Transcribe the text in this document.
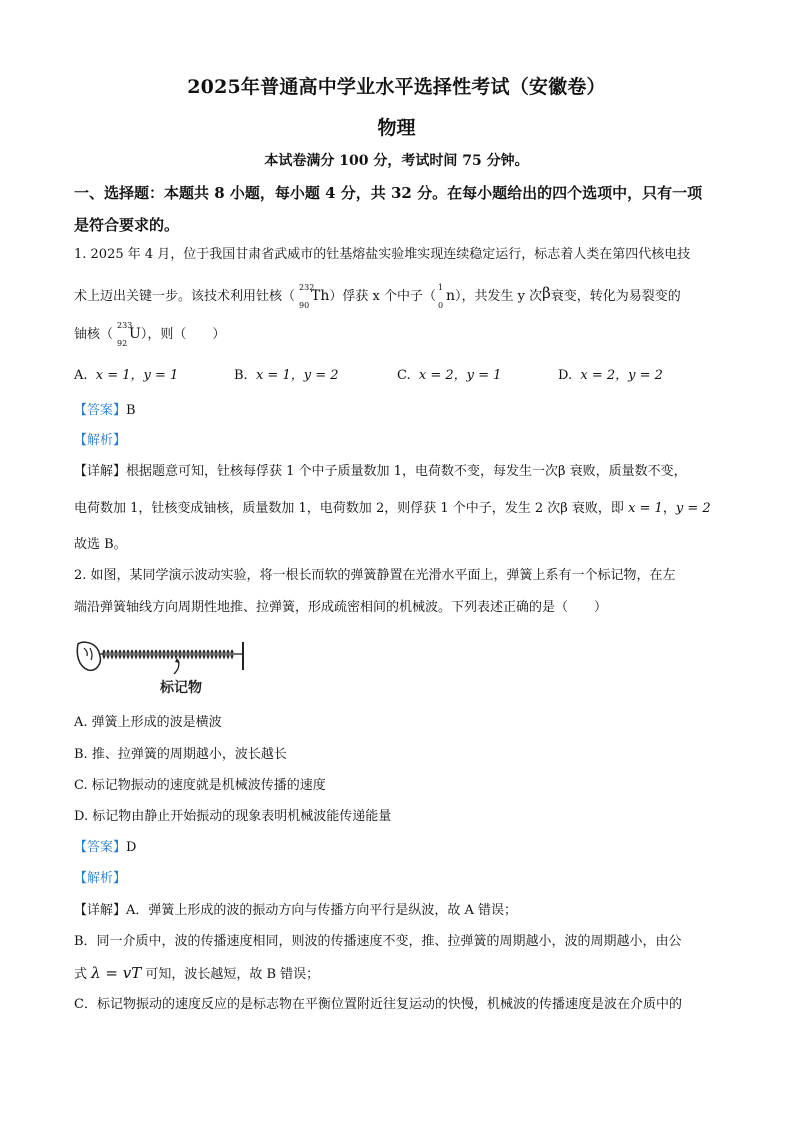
2025年普通高中学业水平选择性考试（安徽卷）
物理
本试卷满分 100 分，考试时间 75 分钟。
一、选择题：本题共 8 小题，每小题 4 分，共 32 分。在每小题给出的四个选项中，只有一项
是符合要求的。
1. 2025 年 4 月，位于我国甘肃省武威市的钍基熔盐实验堆实现连续稳定运行，标志着人类在第四代核电技
术上迈出关键一步。该技术利用钍核（
232
90
Th）俘获 x 个中子（
1
0
n），共发生 y 次β衰变，转化为易裂变的
铀核（
233
92
U），则（　　）
A. x = 1，y = 1	B. x = 1，y = 2	C. x = 2，y = 1	D. x = 2，y = 2
【答案】B
【解析】
【详解】根据题意可知，钍核每俘获 1 个中子质量数加 1，电荷数不变，每发生一次β 衰败，质量数不变，
电荷数加 1，钍核变成铀核，质量数加 1，电荷数加 2，则俘获 1 个中子，发生 2 次β 衰败，即 x = 1，y = 2
故选 B。
2. 如图，某同学演示波动实验，将一根长而软的弹簧静置在光滑水平面上，弹簧上系有一个标记物，在左
端沿弹簧轴线方向周期性地推、拉弹簧，形成疏密相间的机械波。下列表述正确的是（　　）
标记物
A. 弹簧上形成的波是横波
B. 推、拉弹簧的周期越小，波长越长
C. 标记物振动的速度就是机械波传播的速度
D. 标记物由静止开始振动的现象表明机械波能传递能量
【答案】D
【解析】
【详解】A．弹簧上形成的波的振动方向与传播方向平行是纵波，故 A 错误；
B．同一介质中，波的传播速度相同，则波的传播速度不变，推、拉弹簧的周期越小，波的周期越小，由公
式 λ = vT 可知，波长越短，故 B 错误；
C．标记物振动的速度反应的是标志物在平衡位置附近往复运动的快慢，机械波的传播速度是波在介质中的
